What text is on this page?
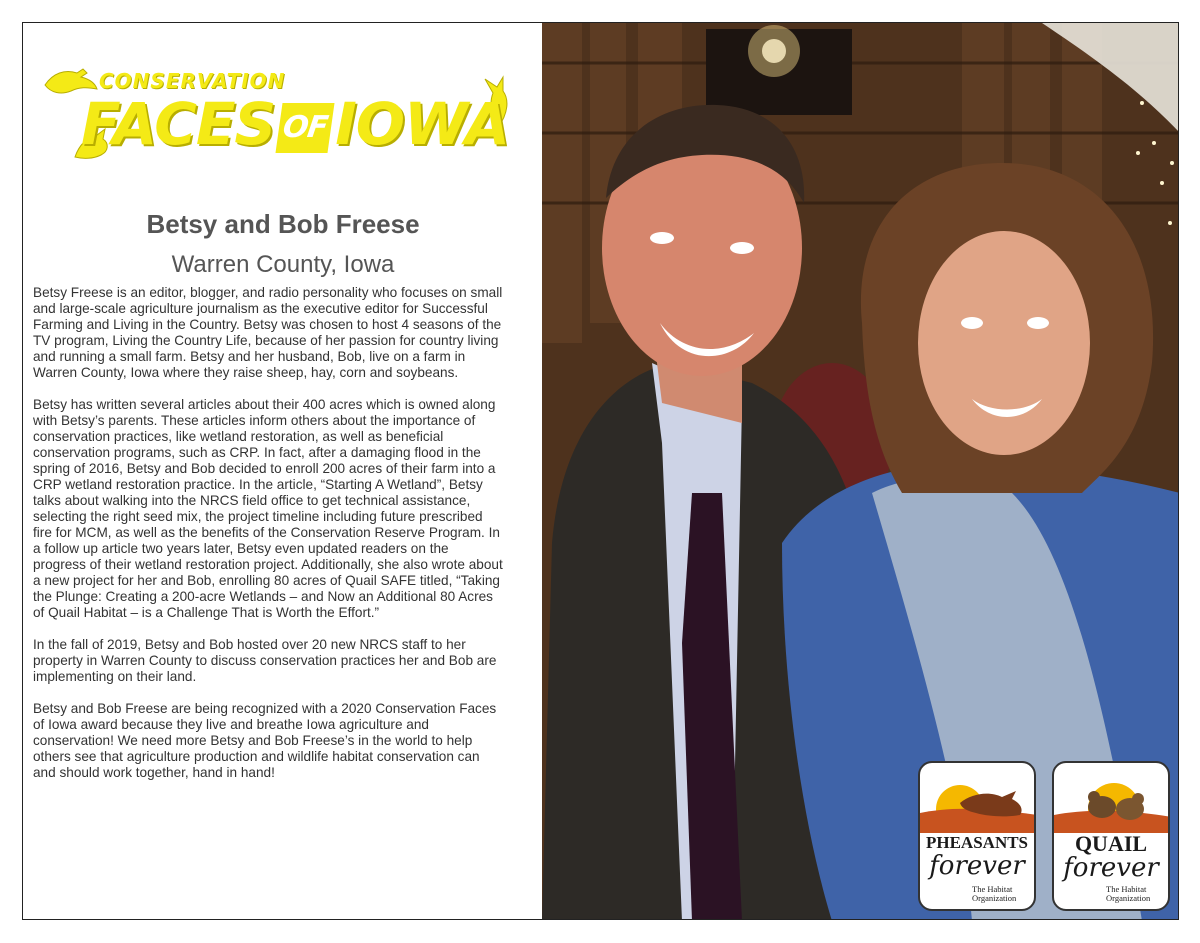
CONSERVATION
FACES OFIOWA
Betsy and Bob Freese
Warren County, Iowa

Betsy Freese is an editor, blogger, and radio personality who focuses on small and large-scale agriculture journalism as the executive editor for Successful Farming and Living in the Country. Betsy was chosen to host 4 seasons of the TV program, Living the Country Life, because of her passion for country living and running a small farm. Betsy and her husband, Bob, live on a farm in Warren County, Iowa where they raise sheep, hay, corn and soybeans.

Betsy has written several articles about their 400 acres which is owned along with Betsy’s parents. These articles inform others about the importance of conservation practices, like wetland restoration, as well as beneficial conservation programs, such as CRP. In fact, after a damaging flood in the spring of 2016, Betsy and Bob decided to enroll 200 acres of their farm into a CRP wetland restoration practice. In the article, “Starting A Wetland”, Betsy talks about walking into the NRCS field office to get technical assistance, selecting the right seed mix, the project timeline including future prescribed fire for MCM, as well as the benefits of the Conservation Reserve Program. In a follow up article two years later, Betsy even updated readers on the progress of their wetland restoration project. Additionally, she also wrote about a new project for her and Bob, enrolling 80 acres of Quail SAFE titled, “Taking the Plunge: Creating a 200-acre Wetlands – and Now an Additional 80 Acres of Quail Habitat – is a Challenge That is Worth the Effort.”

In the fall of 2019, Betsy and Bob hosted over 20 new NRCS staff to her property in Warren County to discuss conservation practices her and Bob are implementing on their land.

Betsy and Bob Freese are being recognized with a 2020 Conservation Faces of Iowa award because they live and breathe Iowa agriculture and conservation! We need more Betsy and Bob Freese’s in the world to help others see that agriculture production and wildlife habitat conservation can and should work together, hand in hand!

PHEASANTS
forever
The Habitat
Organization
QUAIL
forever
The Habitat
Organization
